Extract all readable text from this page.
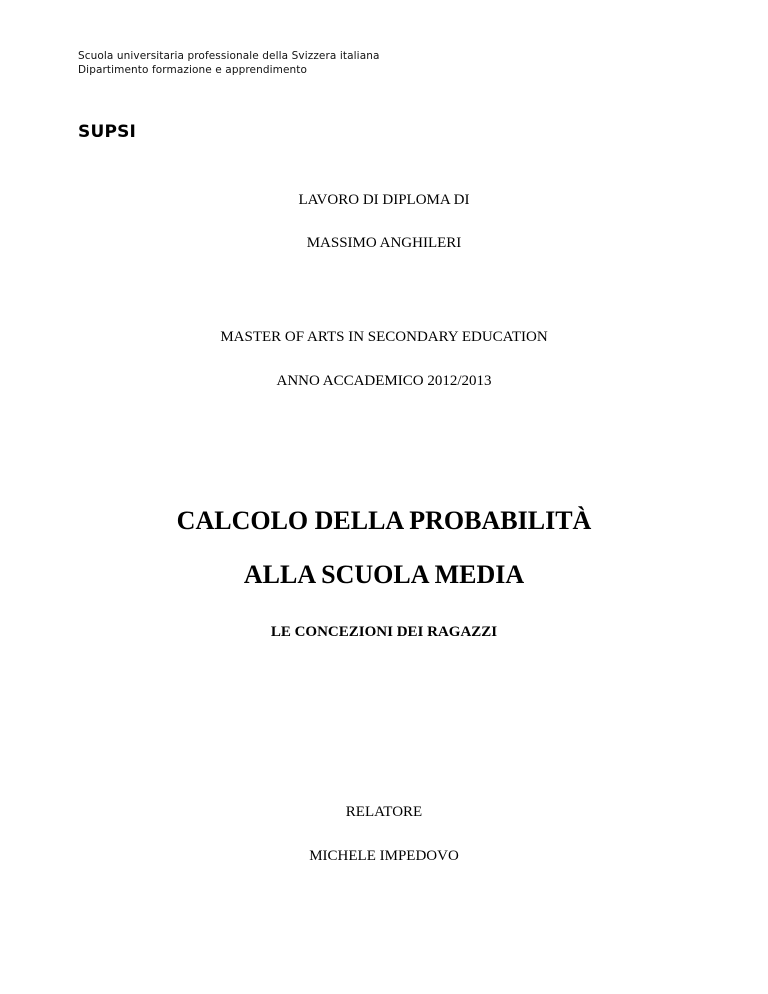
Scuola universitaria professionale della Svizzera italiana
Dipartimento formazione e apprendimento
SUPSI
LAVORO DI DIPLOMA DI
MASSIMO ANGHILERI
MASTER OF ARTS IN SECONDARY EDUCATION
ANNO ACCADEMICO 2012/2013
CALCOLO DELLA PROBABILITÀ
ALLA SCUOLA MEDIA
LE CONCEZIONI DEI RAGAZZI
RELATORE
MICHELE IMPEDOVO
